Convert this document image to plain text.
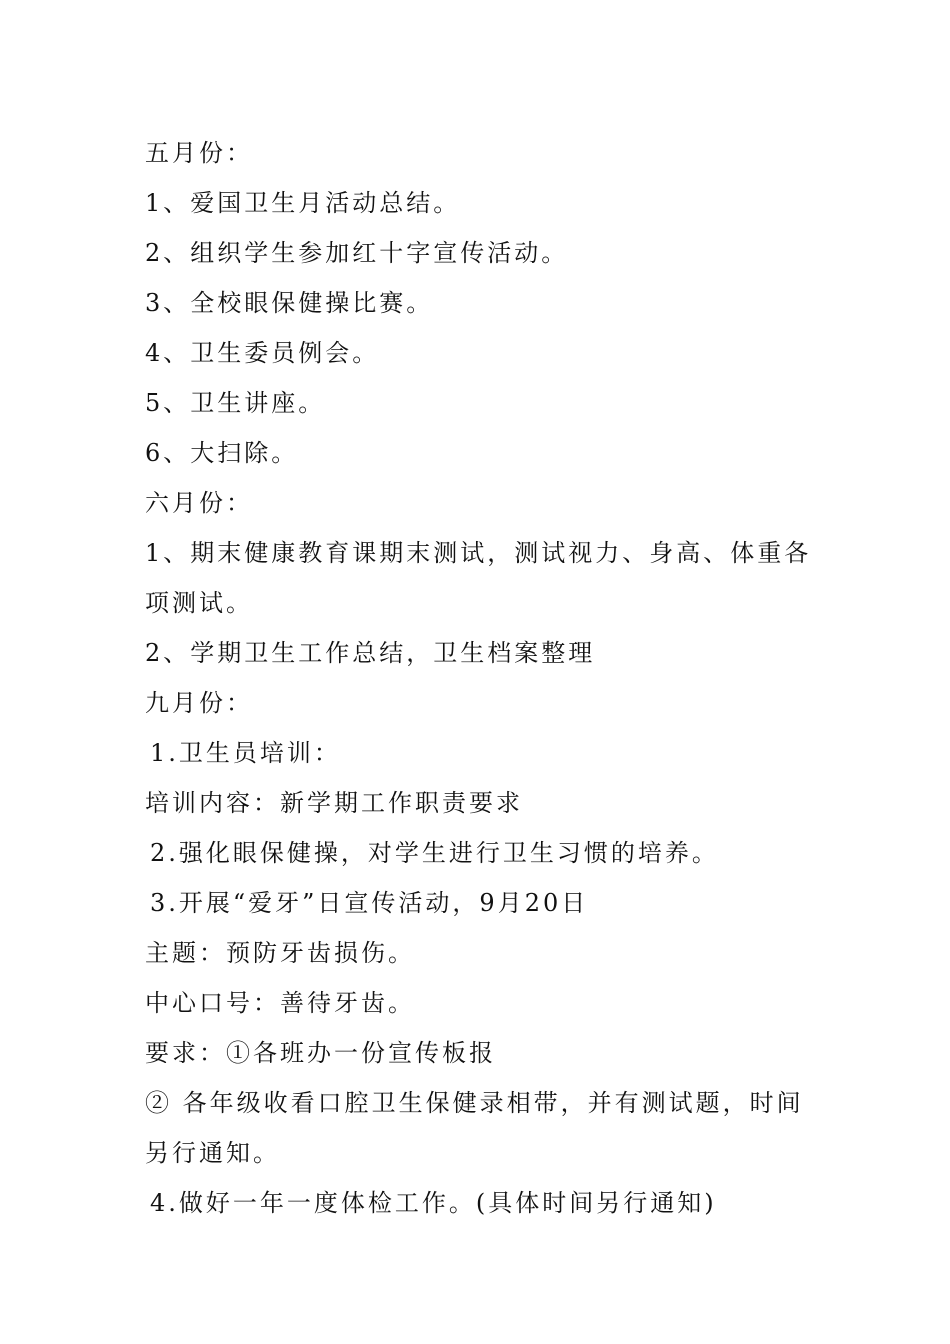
五月份：
1、爱国卫生月活动总结。
2、组织学生参加红十字宣传活动。
3、全校眼保健操比赛。
4、卫生委员例会。
5、卫生讲座。
6、大扫除。
六月份：
1、期末健康教育课期末测试，测试视力、身高、体重各项测试。
2、学期卫生工作总结，卫生档案整理
九月份：
1.卫生员培训：
培训内容：新学期工作职责要求
2.强化眼保健操，对学生进行卫生习惯的培养。
3.开展“爱牙”日宣传活动，9月20日
主题：预防牙齿损伤。
中心口号：善待牙齿。
要求：①各班办一份宣传板报
② 各年级收看口腔卫生保健录相带，并有测试题，时间另行通知。
4.做好一年一度体检工作。(具体时间另行通知)
